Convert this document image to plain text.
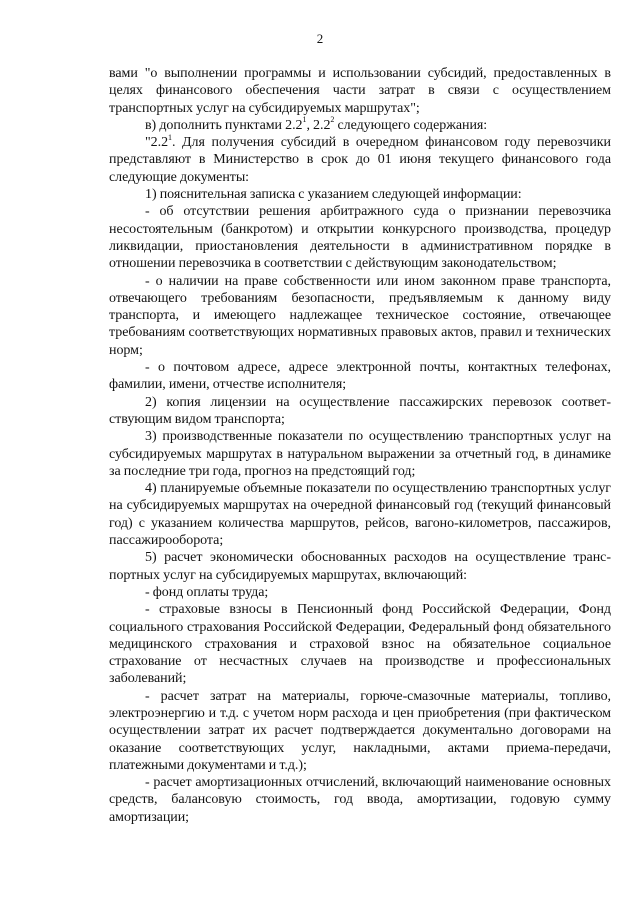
2

вами "о выполнении программы и использовании субсидий, предоставленных в целях финансового обеспечения части затрат в связи с осуществлением транспортных услуг на субсидируемых маршрутах";

в) дополнить пунктами $2.2^1$, $2.2^2$ следующего содержания:

"$2.2^1$. Для получения субсидий в очередном финансовом году перевозчики представляют в Министерство в срок до 01 июня текущего финансового года следующие документы:

1) пояснительная записка с указанием следующей информации:

- об отсутствии решения арбитражного суда о признании перевозчика несостоятельным (банкротом) и открытии конкурсного производства, процедур ликвидации, приостановления деятельности в административном порядке в отношении перевозчика в соответствии с действующим законодательством;

- о наличии на праве собственности или ином законном праве транспорта, отвечающего требованиям безопасности, предъявляемым к данному виду транспорта, и имеющего надлежащее техническое состояние, отвечающее требованиям соответствующих нормативных правовых актов, правил и технических норм;

- о почтовом адресе, адресе электронной почты, контактных телефонах, фамилии, имени, отчестве исполнителя;

2) копия лицензии на осуществление пассажирских перевозок соответствующим видом транспорта;

3) производственные показатели по осуществлению транспортных услуг на субсидируемых маршрутах в натуральном выражении за отчетный год, в динамике за последние три года, прогноз на предстоящий год;

4) планируемые объемные показатели по осуществлению транспортных услуг на субсидируемых маршрутах на очередной финансовый год (текущий финансовый год) с указанием количества маршрутов, рейсов, вагоно-километров, пассажиров, пассажирооборота;

5) расчет экономически обоснованных расходов на осуществление транспортных услуг на субсидируемых маршрутах, включающий:

- фонд оплаты труда;

- страховые взносы в Пенсионный фонд Российской Федерации, Фонд социального страхования Российской Федерации, Федеральный фонд обязательного медицинского страхования и страховой взнос на обязательное социальное страхование от несчастных случаев на производстве и профессиональных заболеваний;

- расчет затрат на материалы, горюче-смазочные материалы, топливо, электроэнергию и т.д. с учетом норм расхода и цен приобретения (при фактическом осуществлении затрат их расчет подтверждается документально договорами на оказание соответствующих услуг, накладными, актами приема-передачи, платежными документами и т.д.);

- расчет амортизационных отчислений, включающий наименование основных средств, балансовую стоимость, год ввода, амортизации, годовую сумму амортизации;
